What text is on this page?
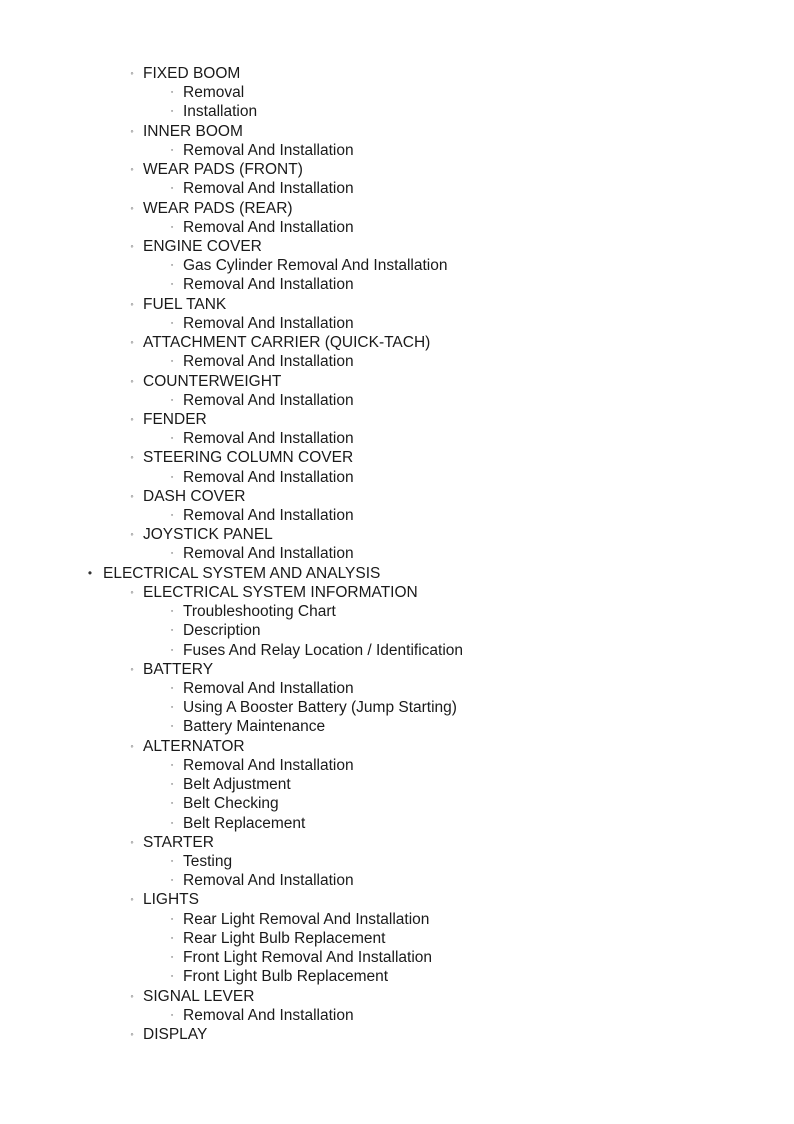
◦ FIXED BOOM
▫ Removal
▫ Installation
◦ INNER BOOM
▫ Removal And Installation
◦ WEAR PADS (FRONT)
▫ Removal And Installation
◦ WEAR PADS (REAR)
▫ Removal And Installation
◦ ENGINE COVER
▫ Gas Cylinder Removal And Installation
▫ Removal And Installation
◦ FUEL TANK
▫ Removal And Installation
◦ ATTACHMENT CARRIER (QUICK-TACH)
▫ Removal And Installation
◦ COUNTERWEIGHT
▫ Removal And Installation
◦ FENDER
▫ Removal And Installation
◦ STEERING COLUMN COVER
▫ Removal And Installation
◦ DASH COVER
▫ Removal And Installation
◦ JOYSTICK PANEL
▫ Removal And Installation
• ELECTRICAL SYSTEM AND ANALYSIS
◦ ELECTRICAL SYSTEM INFORMATION
▫ Troubleshooting Chart
▫ Description
▫ Fuses And Relay Location / Identification
◦ BATTERY
▫ Removal And Installation
▫ Using A Booster Battery (Jump Starting)
▫ Battery Maintenance
◦ ALTERNATOR
▫ Removal And Installation
▫ Belt Adjustment
▫ Belt Checking
▫ Belt Replacement
◦ STARTER
▫ Testing
▫ Removal And Installation
◦ LIGHTS
▫ Rear Light Removal And Installation
▫ Rear Light Bulb Replacement
▫ Front Light Removal And Installation
▫ Front Light Bulb Replacement
◦ SIGNAL LEVER
▫ Removal And Installation
◦ DISPLAY
